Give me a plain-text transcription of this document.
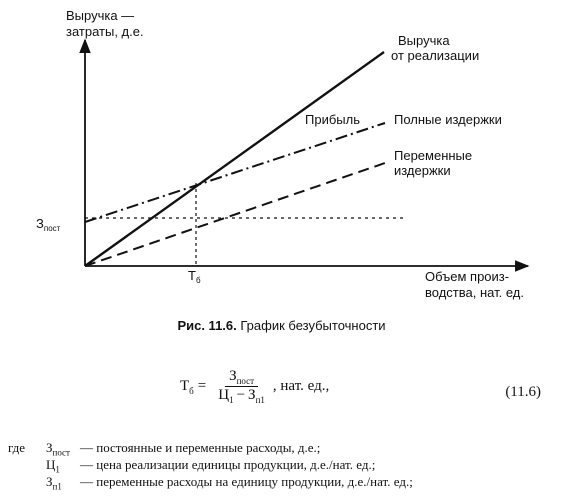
Выручка —
затраты, д.е.
Объем произ-
водства, нат. ед.
Выручка
от реализации
Прибыль	Полные издержки
Переменные
издержки
$З_{пост}$
$Т_б$
Рис. 11.6. График безубыточности
$Т_б = \frac{З_{пост}}{Ц_1 - З_{п1}}$ , нат. ед.,	(11.6)
где $З_{пост}$ — постоянные и переменные расходы, д.е.;
$Ц_1$ — цена реализации единицы продукции, д.е./нат. ед.;
$З_{п1}$ — переменные расходы на единицу продукции, д.е./нат. ед.;
